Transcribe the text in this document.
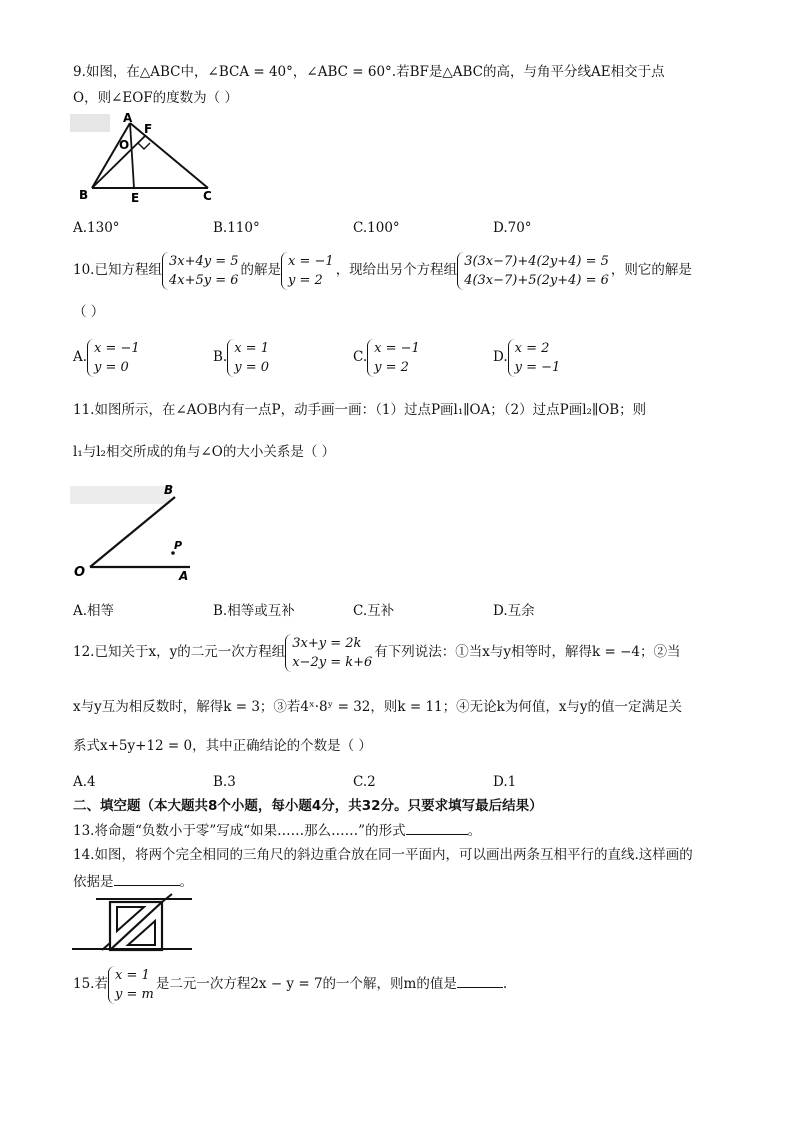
9.如图，在△ABC中，∠BCA = 40°，∠ABC = 60°.若BF是△ABC的高，与角平分线AE相交于点
O，则∠EOF的度数为（ ）
A
F
O
B	E	C
A.130°	B.110°	C.100°	D.70°
10.已知方程组
3x+4y = 5
4x+5y = 6
的解是
x = −1
y = 2
，现给出另个方程组
3(3x−7)+4(2y+4) = 5
4(3x−7)+5(2y+4) = 6
，则它的解是
（ ）
A.
x = −1
y = 0
B.
x = 1
y = 0
C.
x = −1
y = 2
D.
x = 2
y = −1
11.如图所示，在∠AOB内有一点P，动手画一画：（1）过点P画l₁∥OA；（2）过点P画l₂∥OB；则
l₁与l₂相交所成的角与∠O的大小关系是（ ）
B
P
O	A
A.相等	B.相等或互补	C.互补	D.互余
12.已知关于x，y的二元一次方程组
3x+y = 2k
x−2y = k+6
有下列说法：①当x与y相等时，解得k = −4；②当
x与y互为相反数时，解得k = 3；③若4ˣ·8ʸ = 32，则k = 11；④无论k为何值，x与y的值一定满足关
系式x+5y+12 = 0，其中正确结论的个数是（ ）
A.4	B.3	C.2	D.1
二、填空题（本大题共8个小题，每小题4分，共32分。只要求填写最后结果）
13.将命题“负数小于零”写成“如果……那么……”的形式	。
14.如图，将两个完全相同的三角尺的斜边重合放在同一平面内，可以画出两条互相平行的直线.这样画的
依据是	。
15.若
x = 1
y = m
是二元一次方程2x − y = 7的一个解，则m的值是	.
